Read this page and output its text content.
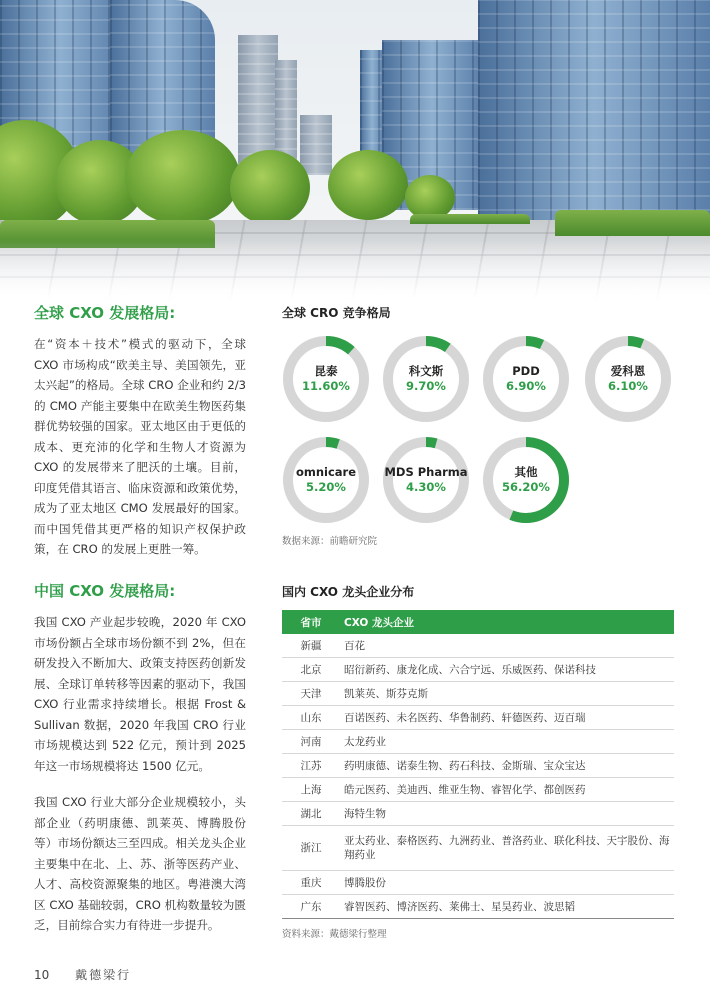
全球 CXO 发展格局:

在“资本＋技术”模式的驱动下，全球 CXO 市场构成“欧美主导、美国领先，亚太兴起”的格局。全球 CRO 企业和约 2/3 的 CMO 产能主要集中在欧美生物医药集群优势较强的国家。亚太地区由于更低的成本、更充沛的化学和生物人才资源为 CXO 的发展带来了肥沃的土壤。目前，印度凭借其语言、临床资源和政策优势，成为了亚太地区 CMO 发展最好的国家。而中国凭借其更严格的知识产权保护政策，在 CRO 的发展上更胜一筹。

全球 CRO 竞争格局
昆泰
11.60%
科文斯
9.70%
PDD
6.90%
爱科恩
6.10%
omnicare
5.20%
MDS Pharma
4.30%
其他
56.20%
数据来源：前瞻研究院
中国 CXO 发展格局:

我国 CXO 产业起步较晚，2020 年 CXO 市场份额占全球市场份额不到 2%，但在研发投入不断加大、政策支持医药创新发展、全球订单转移等因素的驱动下，我国 CXO 行业需求持续增长。根据 Frost & Sullivan 数据，2020 年我国 CRO 行业市场规模达到 522 亿元，预计到 2025 年这一市场规模将达 1500 亿元。

我国 CXO 行业大部分企业规模较小，头部企业（药明康德、凯莱英、博腾股份等）市场份额达三至四成。相关龙头企业主要集中在北、上、苏、浙等医药产业、人才、高校资源聚集的地区。粤港澳大湾区 CXO 基础较弱，CRO 机构数量较为匮乏，目前综合实力有待进一步提升。

国内 CXO 龙头企业分布
省市	CXO 龙头企业
新疆	百花
北京	昭衍新药、康龙化成、六合宁远、乐威医药、保诺科技
天津	凯莱英、斯芬克斯
山东	百诺医药、未名医药、华鲁制药、轩德医药、迈百瑞
河南	太龙药业
江苏	药明康德、诺泰生物、药石科技、金斯瑞、宝众宝达
上海	皓元医药、美迪西、维亚生物、睿智化学、都创医药
湖北	海特生物
浙江	亚太药业、泰格医药、九洲药业、普洛药业、联化科技、天宇股份、海翔药业
重庆	博腾股份
广东	睿智医药、博济医药、莱佛士、星昊药业、波思韬
资料来源：戴德梁行整理
10 戴德梁行
